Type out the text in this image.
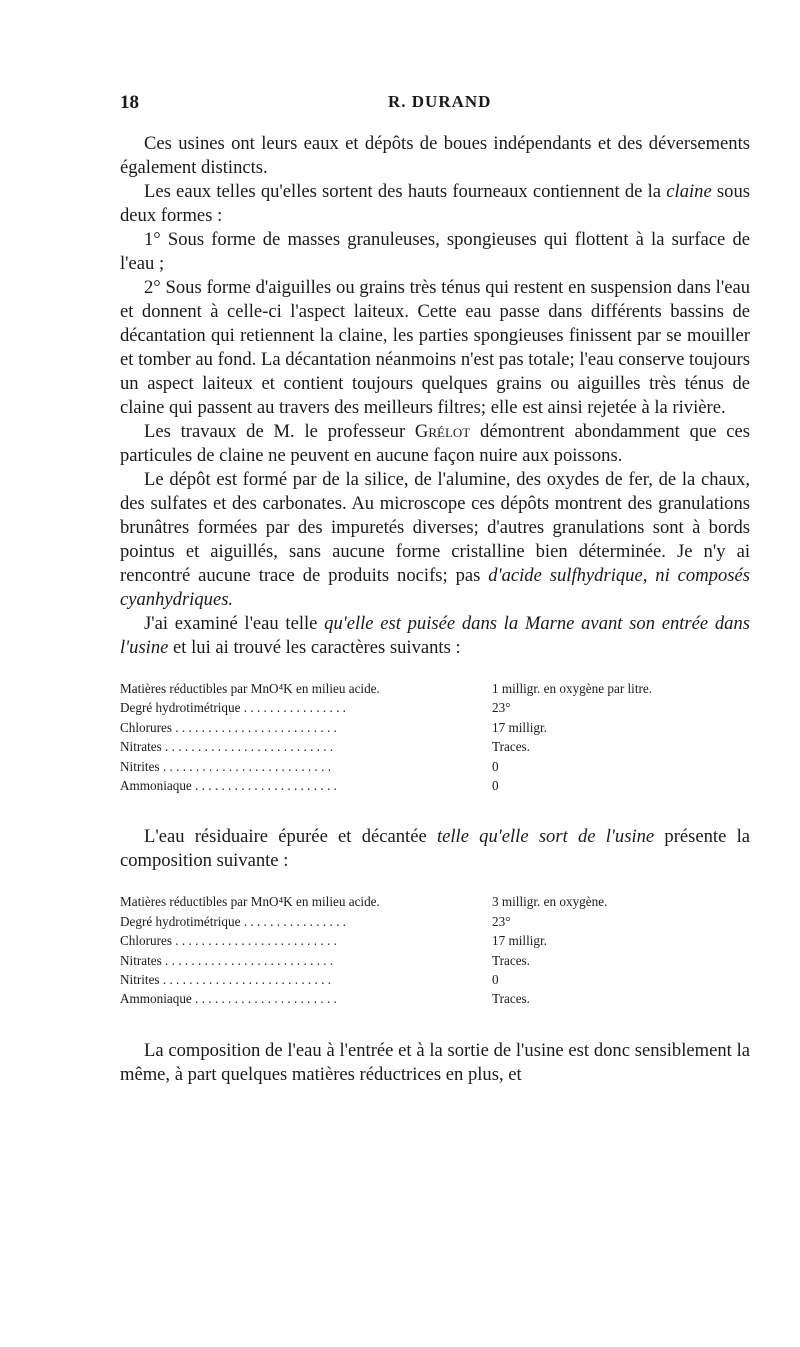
18	R. DURAND

Ces usines ont leurs eaux et dépôts de boues indépendants et des déversements également distincts.

Les eaux telles qu'elles sortent des hauts fourneaux contiennent de la claine sous deux formes :

1° Sous forme de masses granuleuses, spongieuses qui flottent à la surface de l'eau ;

2° Sous forme d'aiguilles ou grains très ténus qui restent en suspension dans l'eau et donnent à celle-ci l'aspect laiteux. Cette eau passe dans différents bassins de décantation qui retiennent la claine, les parties spongieuses finissent par se mouiller et tomber au fond. La décantation néanmoins n'est pas totale; l'eau conserve toujours un aspect laiteux et contient toujours quelques grains ou aiguilles très ténus de claine qui passent au travers des meilleurs filtres; elle est ainsi rejetée à la rivière.

Les travaux de M. le professeur Grélot démontrent abondamment que ces particules de claine ne peuvent en aucune façon nuire aux poissons.

Le dépôt est formé par de la silice, de l'alumine, des oxydes de fer, de la chaux, des sulfates et des carbonates. Au microscope ces dépôts montrent des granulations brunâtres formées par des impuretés diverses; d'autres granulations sont à bords pointus et aiguillés, sans aucune forme cristalline bien déterminée. Je n'y ai rencontré aucune trace de produits nocifs; pas d'acide sulfhydrique, ni composés cyanhydriques.

J'ai examiné l'eau telle qu'elle est puisée dans la Marne avant son entrée dans l'usine et lui ai trouvé les caractères suivants :

Matières réductibles par MnO⁴K en milieu acide.	1 milligr. en oxygène par litre.
Degré hydrotimétrique . . . . . . . . . . . . . . . .	23°
Chlorures . . . . . . . . . . . . . . . . . . . . . . . . .	17 milligr.
Nitrates . . . . . . . . . . . . . . . . . . . . . . . . . .	Traces.
Nitrites . . . . . . . . . . . . . . . . . . . . . . . . . .	0
Ammoniaque . . . . . . . . . . . . . . . . . . . . . .	0

L'eau résiduaire épurée et décantée telle qu'elle sort de l'usine présente la composition suivante :

Matières réductibles par MnO⁴K en milieu acide.	3 milligr. en oxygène.
Degré hydrotimétrique . . . . . . . . . . . . . . . .	23°
Chlorures . . . . . . . . . . . . . . . . . . . . . . . . .	17 milligr.
Nitrates . . . . . . . . . . . . . . . . . . . . . . . . . .	Traces.
Nitrites . . . . . . . . . . . . . . . . . . . . . . . . . .	0
Ammoniaque . . . . . . . . . . . . . . . . . . . . . .	Traces.

La composition de l'eau à l'entrée et à la sortie de l'usine est donc sensiblement la même, à part quelques matières réductrices en plus, et
